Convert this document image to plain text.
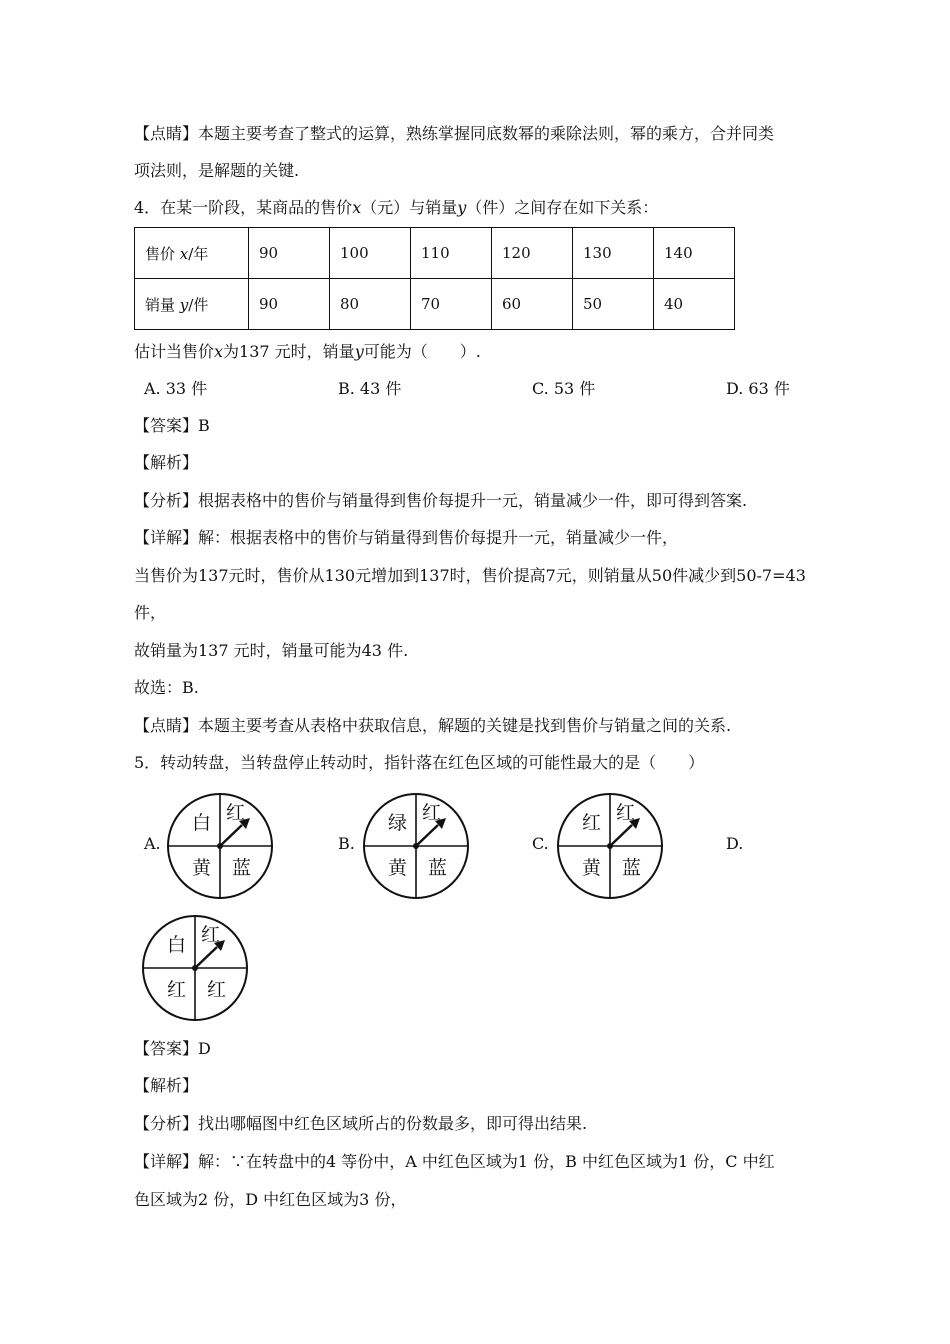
【点睛】本题主要考查了整式的运算，熟练掌握同底数幂的乘除法则，幂的乘方，合并同类
项法则，是解题的关键.
4．在某一阶段，某商品的售价x（元）与销量y（件）之间存在如下关系：
售价 x/年	90	100	110	120	130	140
销量 y/件	90	80	70	60	50	40
估计当售价x为137 元时，销量y可能为（　　）.
A. 33 件	B. 43 件	C. 53 件	D. 63 件
【答案】B
【解析】
【分析】根据表格中的售价与销量得到售价每提升一元，销量减少一件，即可得到答案.
【详解】解：根据表格中的售价与销量得到售价每提升一元，销量减少一件，
当售价为137元时，售价从130元增加到137时，售价提高7元，则销量从50件减少到50-7=43
件，
故销量为137 元时，销量可能为43 件.
故选：B.
【点睛】本题主要考查从表格中获取信息，解题的关键是找到售价与销量之间的关系.
5．转动转盘，当转盘停止转动时，指针落在红色区域的可能性最大的是（　　）
A.	B.	C.	D.
白 红
黄 蓝
绿 红
黄 蓝
红 红
黄 蓝
白 红
红 红
【答案】D
【解析】
【分析】找出哪幅图中红色区域所占的份数最多，即可得出结果.
【详解】解：∵在转盘中的4 等份中，A 中红色区域为1 份，B 中红色区域为1 份，C 中红
色区域为2 份，D 中红色区域为3 份，
